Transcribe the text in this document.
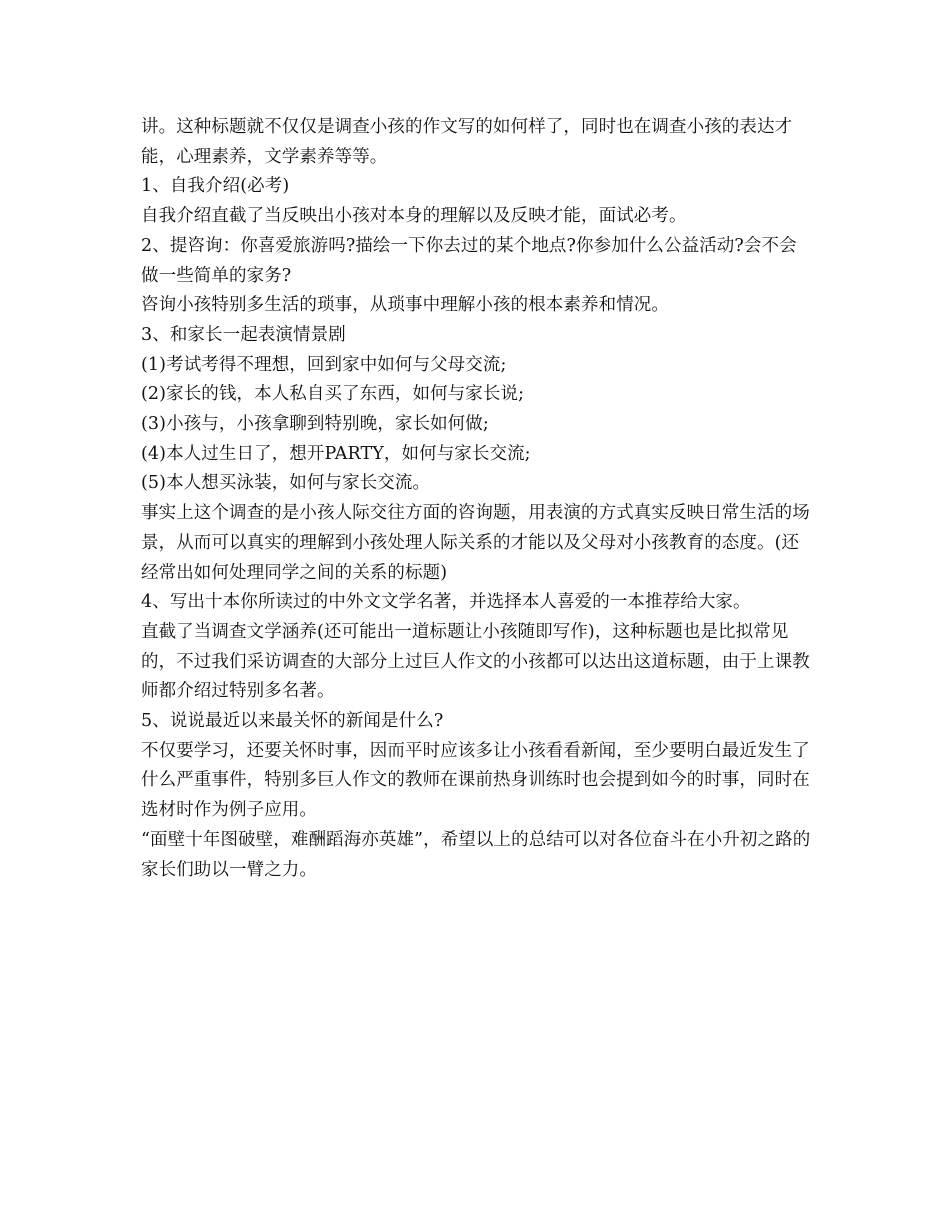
讲。这种标题就不仅仅是调查小孩的作文写的如何样了，同时也在调查小孩的表达才能，心理素养，文学素养等等。

1、自我介绍(必考)

自我介绍直截了当反映出小孩对本身的理解以及反映才能，面试必考。

2、提咨询：你喜爱旅游吗?描绘一下你去过的某个地点?你参加什么公益活动?会不会做一些简单的家务?

咨询小孩特别多生活的琐事，从琐事中理解小孩的根本素养和情况。

3、和家长一起表演情景剧

(1)考试考得不理想，回到家中如何与父母交流;

(2)家长的钱，本人私自买了东西，如何与家长说;

(3)小孩与，小孩拿聊到特别晚，家长如何做;

(4)本人过生日了，想开PARTY，如何与家长交流;

(5)本人想买泳装，如何与家长交流。

事实上这个调查的是小孩人际交往方面的咨询题，用表演的方式真实反映日常生活的场景，从而可以真实的理解到小孩处理人际关系的才能以及父母对小孩教育的态度。(还经常出如何处理同学之间的关系的标题)

4、写出十本你所读过的中外文文学名著，并选择本人喜爱的一本推荐给大家。

直截了当调查文学涵养(还可能出一道标题让小孩随即写作)，这种标题也是比拟常见的，不过我们采访调查的大部分上过巨人作文的小孩都可以达出这道标题，由于上课教师都介绍过特别多名著。

5、说说最近以来最关怀的新闻是什么?

不仅要学习，还要关怀时事，因而平时应该多让小孩看看新闻，至少要明白最近发生了什么严重事件，特别多巨人作文的教师在课前热身训练时也会提到如今的时事，同时在选材时作为例子应用。

“面壁十年图破壁，难酬蹈海亦英雄”，希望以上的总结可以对各位奋斗在小升初之路的家长们助以一臂之力。
